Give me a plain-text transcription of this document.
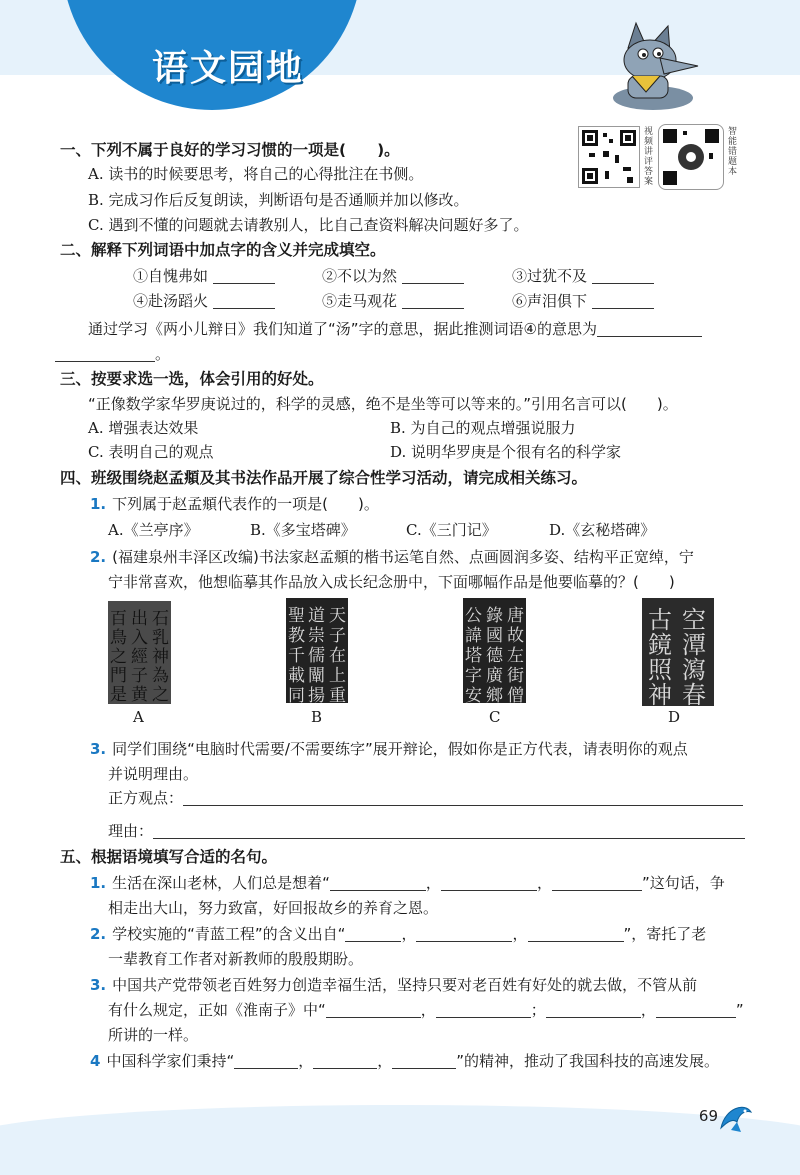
语文园地
视频讲评答案	智能错题本
一、下列不属于良好的学习习惯的一项是(　　)。
A. 读书的时候要思考，将自己的心得批注在书侧。
B. 完成习作后反复朗读，判断语句是否通顺并加以修改。
C. 遇到不懂的问题就去请教别人，比自己查资料解决问题好多了。
二、解释下列词语中加点字的含义并完成填空。
①自愧弗如	②不以为然	③过犹不及
④赴汤蹈火	⑤走马观花	⑥声泪俱下
通过学习《两小儿辩日》我们知道了“汤”字的意思，据此推测词语④的意思为
。
三、按要求选一选，体会引用的好处。
“正像数学家华罗庚说过的，科学的灵感，绝不是坐等可以等来的。”引用名言可以(　　)。
A. 增强表达效果	B. 为自己的观点增强说服力
C. 表明自己的观点	D. 说明华罗庚是个很有名的科学家
四、班级围绕赵孟頫及其书法作品开展了综合性学习活动，请完成相关练习。
1. 下列属于赵孟頫代表作的一项是(　　)。
A.《兰亭序》	B.《多宝塔碑》	C.《三门记》	D.《玄秘塔碑》
2. (福建泉州丰泽区改编)书法家赵孟頫的楷书运笔自然、点画圆润多姿、结构平正宽绰，宁
宁非常喜欢，他想临摹其作品放入成长纪念册中，下面哪幅作品是他要临摹的？(　　)
石
乳
神
為
之
出
入
經
子
黄
百
鳥
之
門
是
天
子
在
上
重
道
崇
儒
闡
揚
聖
教
千
載
同
唐
故
左
街
僧
錄
國
德
廣
鄉
公
諱
塔
字
安
空
潭
瀉
春
古
鏡
照
神
A	B	C	D
3. 同学们围绕“电脑时代需要/不需要练字”展开辩论，假如你是正方代表，请表明你的观点
并说明理由。
正方观点：
理由：
五、根据语境填写合适的名句。
1. 生活在深山老林，人们总是想着“	，	，	”这句话，争
相走出大山，努力致富，好回报故乡的养育之恩。
2. 学校实施的“青蓝工程”的含义出自“	，	，	”，寄托了老
一辈教育工作者对新教师的殷殷期盼。
3. 中国共产党带领老百姓努力创造幸福生活，坚持只要对老百姓有好处的就去做，不管从前
有什么规定，正如《淮南子》中“	，	；	，	”
所讲的一样。
4 中国科学家们秉持“	，	，	”的精神，推动了我国科技的高速发展。
69
